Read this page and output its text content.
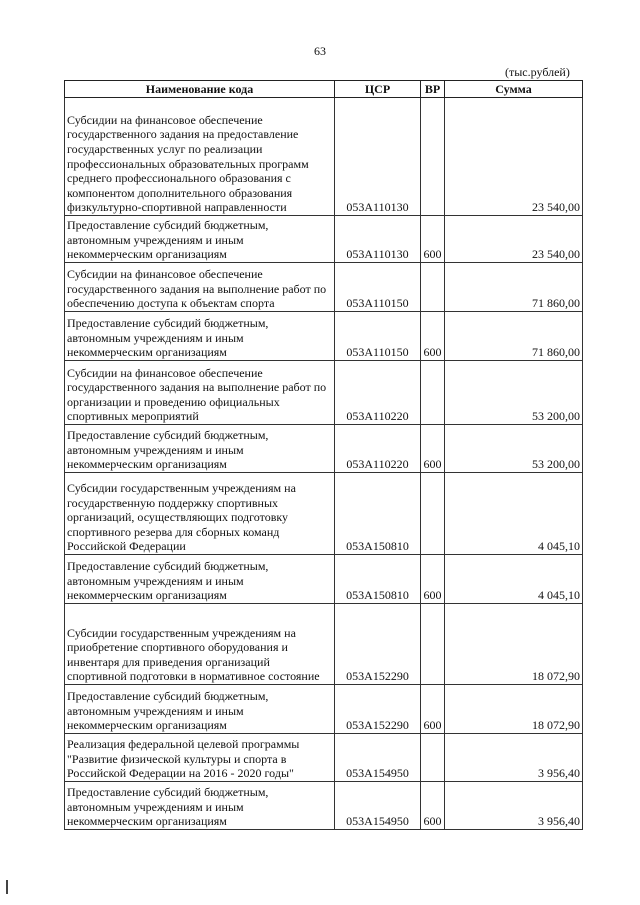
63
(тыс.рублей)
Наименование кода	ЦСР	ВР	Сумма
Субсидии на финансовое обеспечение государственного задания на предоставление государственных услуг по реализации профессиональных образовательных программ среднего профессионального образования с компонентом дополнительного образования физкультурно-спортивной направленности	053А110130		23 540,00
Предоставление субсидий бюджетным, автономным учреждениям и иным некоммерческим организациям	053А110130	600	23 540,00
Субсидии на финансовое обеспечение государственного задания на выполнение работ по обеспечению доступа к объектам спорта	053А110150		71 860,00
Предоставление субсидий бюджетным, автономным учреждениям и иным некоммерческим организациям	053А110150	600	71 860,00
Субсидии на финансовое обеспечение государственного задания на выполнение работ по организации и проведению официальных спортивных мероприятий	053А110220		53 200,00
Предоставление субсидий бюджетным, автономным учреждениям и иным некоммерческим организациям	053А110220	600	53 200,00
Субсидии государственным учреждениям на государственную поддержку спортивных организаций, осуществляющих подготовку спортивного резерва для сборных команд Российской Федерации	053А150810		4 045,10
Предоставление субсидий бюджетным, автономным учреждениям и иным некоммерческим организациям	053А150810	600	4 045,10
Субсидии государственным учреждениям на приобретение спортивного оборудования и инвентаря для приведения организаций спортивной подготовки в нормативное состояние	053А152290		18 072,90
Предоставление субсидий бюджетным, автономным учреждениям и иным некоммерческим организациям	053А152290	600	18 072,90
Реализация федеральной целевой программы "Развитие физической культуры и спорта в Российской Федерации на 2016 - 2020 годы"	053А154950		3 956,40
Предоставление субсидий бюджетным, автономным учреждениям и иным некоммерческим организациям	053А154950	600	3 956,40
